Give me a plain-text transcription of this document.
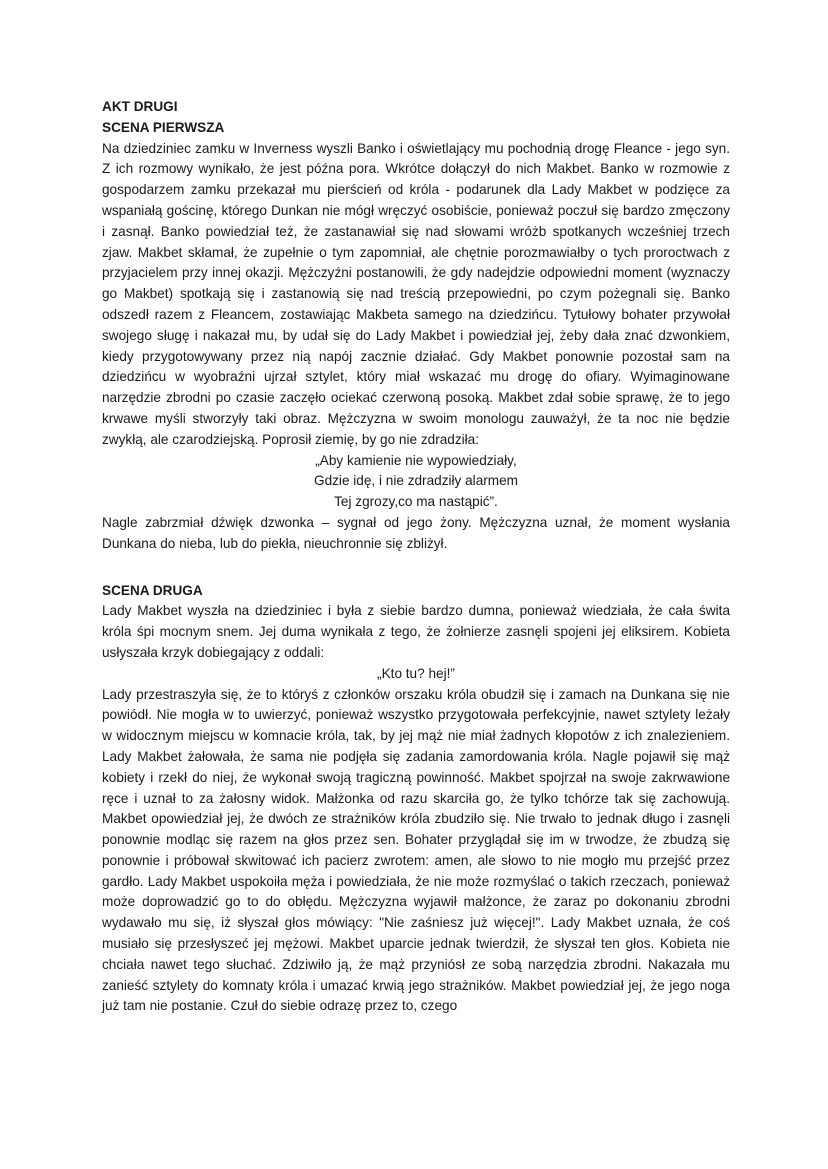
AKT DRUGI

SCENA PIERWSZA

Na dziedziniec zamku w Inverness wyszli Banko i oświetlający mu pochodnią drogę Fleance - jego syn. Z ich rozmowy wynikało, że jest późna pora. Wkrótce dołączył do nich Makbet. Banko w rozmowie z gospodarzem zamku przekazał mu pierścień od króla - podarunek dla Lady Makbet w podzięce za wspaniałą gościnę, którego Dunkan nie mógł wręczyć osobiście, ponieważ poczuł się bardzo zmęczony i zasnął. Banko powiedział też, że zastanawiał się nad słowami wróżb spotkanych wcześniej trzech zjaw. Makbet skłamał, że zupełnie o tym zapomniał, ale chętnie porozmawiałby o tych proroctwach z przyjacielem przy innej okazji. Mężczyźni postanowili, że gdy nadejdzie odpowiedni moment (wyznaczy go Makbet) spotkają się i zastanowią się nad treścią przepowiedni, po czym pożegnali się. Banko odszedł razem z Fleancem, zostawiając Makbeta samego na dziedzińcu. Tytułowy bohater przywołał swojego sługę i nakazał mu, by udał się do Lady Makbet i powiedział jej, żeby dała znać dzwonkiem, kiedy przygotowywany przez nią napój zacznie działać. Gdy Makbet ponownie pozostał sam na dziedzińcu w wyobraźni ujrzał sztylet, który miał wskazać mu drogę do ofiary. Wyimaginowane narzędzie zbrodni po czasie zaczęło ociekać czerwoną posoką. Makbet zdał sobie sprawę, że to jego krwawe myśli stworzyły taki obraz. Mężczyzna w swoim monologu zauważył, że ta noc nie będzie zwykłą, ale czarodziejską. Poprosił ziemię, by go nie zdradziła:

„Aby kamienie nie wypowiedziały,

Gdzie idę, i nie zdradziły alarmem

Tej zgrozy,co ma nastąpić”.

Nagle zabrzmiał dźwięk dzwonka – sygnał od jego żony. Mężczyzna uznał, że moment wysłania Dunkana do nieba, lub do piekła, nieuchronnie się zbliżył.

SCENA DRUGA

Lady Makbet wyszła na dziedziniec i była z siebie bardzo dumna, ponieważ wiedziała, że cała świta króla śpi mocnym snem. Jej duma wynikała z tego, że żołnierze zasnęli spojeni jej eliksirem. Kobieta usłyszała krzyk dobiegający z oddali:

„Kto tu? hej!”

Lady przestraszyła się, że to któryś z członków orszaku króla obudził się i zamach na Dunkana się nie powiódł. Nie mogła w to uwierzyć, ponieważ wszystko przygotowała perfekcyjnie, nawet sztylety leżały w widocznym miejscu w komnacie króla, tak, by jej mąż nie miał żadnych kłopotów z ich znalezieniem. Lady Makbet żałowała, że sama nie podjęła się zadania zamordowania króla. Nagle pojawił się mąż kobiety i rzekł do niej, że wykonał swoją tragiczną powinność. Makbet spojrzał na swoje zakrwawione ręce i uznał to za żałosny widok. Małżonka od razu skarciła go, że tylko tchórze tak się zachowują. Makbet opowiedział jej, że dwóch ze strażników króla zbudziło się. Nie trwało to jednak długo i zasnęli ponownie modląc się razem na głos przez sen. Bohater przyglądał się im w trwodze, że zbudzą się ponownie i próbował skwitować ich pacierz zwrotem: amen, ale słowo to nie mogło mu przejść przez gardło. Lady Makbet uspokoiła męża i powiedziała, że nie może rozmyślać o takich rzeczach, ponieważ może doprowadzić go to do obłędu. Mężczyzna wyjawił małżonce, że zaraz po dokonaniu zbrodni wydawało mu się, iż słyszał głos mówiący: "Nie zaśniesz już więcej!". Lady Makbet uznała, że coś musiało się przesłyszeć jej mężowi. Makbet uparcie jednak twierdził, że słyszał ten głos. Kobieta nie chciała nawet tego słuchać. Zdziwiło ją, że mąż przyniósł ze sobą narzędzia zbrodni. Nakazała mu zanieść sztylety do komnaty króla i umazać krwią jego strażników. Makbet powiedział jej, że jego noga już tam nie postanie. Czuł do siebie odrazę przez to, czego
